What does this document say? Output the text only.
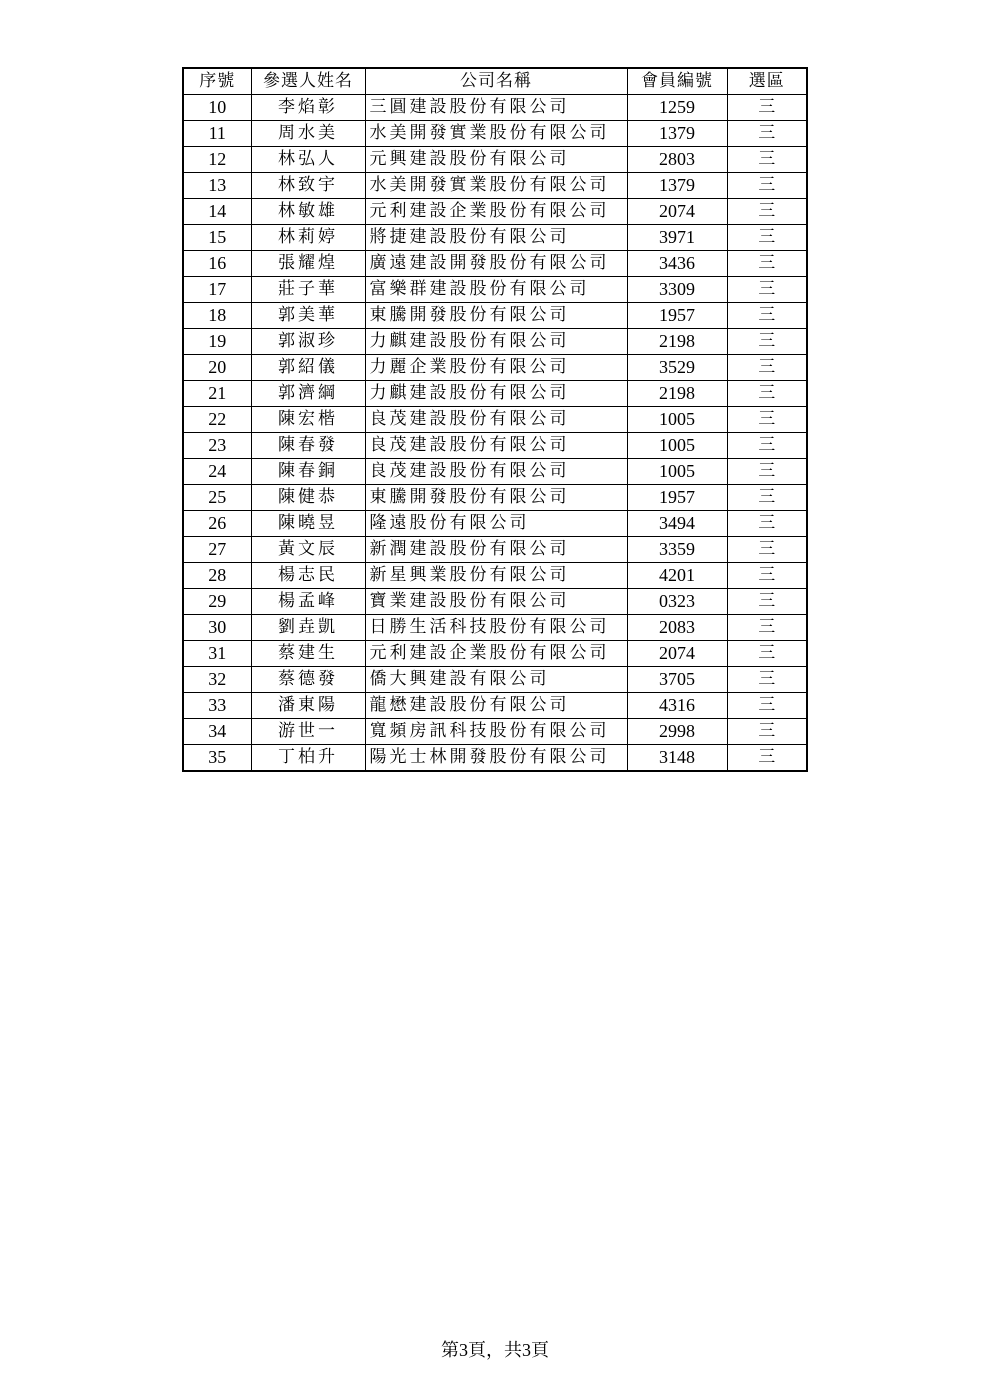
序號	參選人姓名	公司名稱	會員編號	選區
10	李焰彰	三圓建設股份有限公司	1259	三
11	周水美	水美開發實業股份有限公司	1379	三
12	林弘人	元興建設股份有限公司	2803	三
13	林致宇	水美開發實業股份有限公司	1379	三
14	林敏雄	元利建設企業股份有限公司	2074	三
15	林莉婷	將捷建設股份有限公司	3971	三
16	張耀煌	廣遠建設開發股份有限公司	3436	三
17	莊子華	富樂群建設股份有限公司	3309	三
18	郭美華	東騰開發股份有限公司	1957	三
19	郭淑珍	力麒建設股份有限公司	2198	三
20	郭紹儀	力麗企業股份有限公司	3529	三
21	郭濟綱	力麒建設股份有限公司	2198	三
22	陳宏楷	良茂建設股份有限公司	1005	三
23	陳春發	良茂建設股份有限公司	1005	三
24	陳春銅	良茂建設股份有限公司	1005	三
25	陳健恭	東騰開發股份有限公司	1957	三
26	陳曉昱	隆遠股份有限公司	3494	三
27	黃文辰	新潤建設股份有限公司	3359	三
28	楊志民	新星興業股份有限公司	4201	三
29	楊孟峰	寶業建設股份有限公司	0323	三
30	劉垚凱	日勝生活科技股份有限公司	2083	三
31	蔡建生	元利建設企業股份有限公司	2074	三
32	蔡德發	僑大興建設有限公司	3705	三
33	潘東陽	龍懋建設股份有限公司	4316	三
34	游世一	寬頻房訊科技股份有限公司	2998	三
35	丁柏升	陽光士林開發股份有限公司	3148	三
第3頁，共3頁
